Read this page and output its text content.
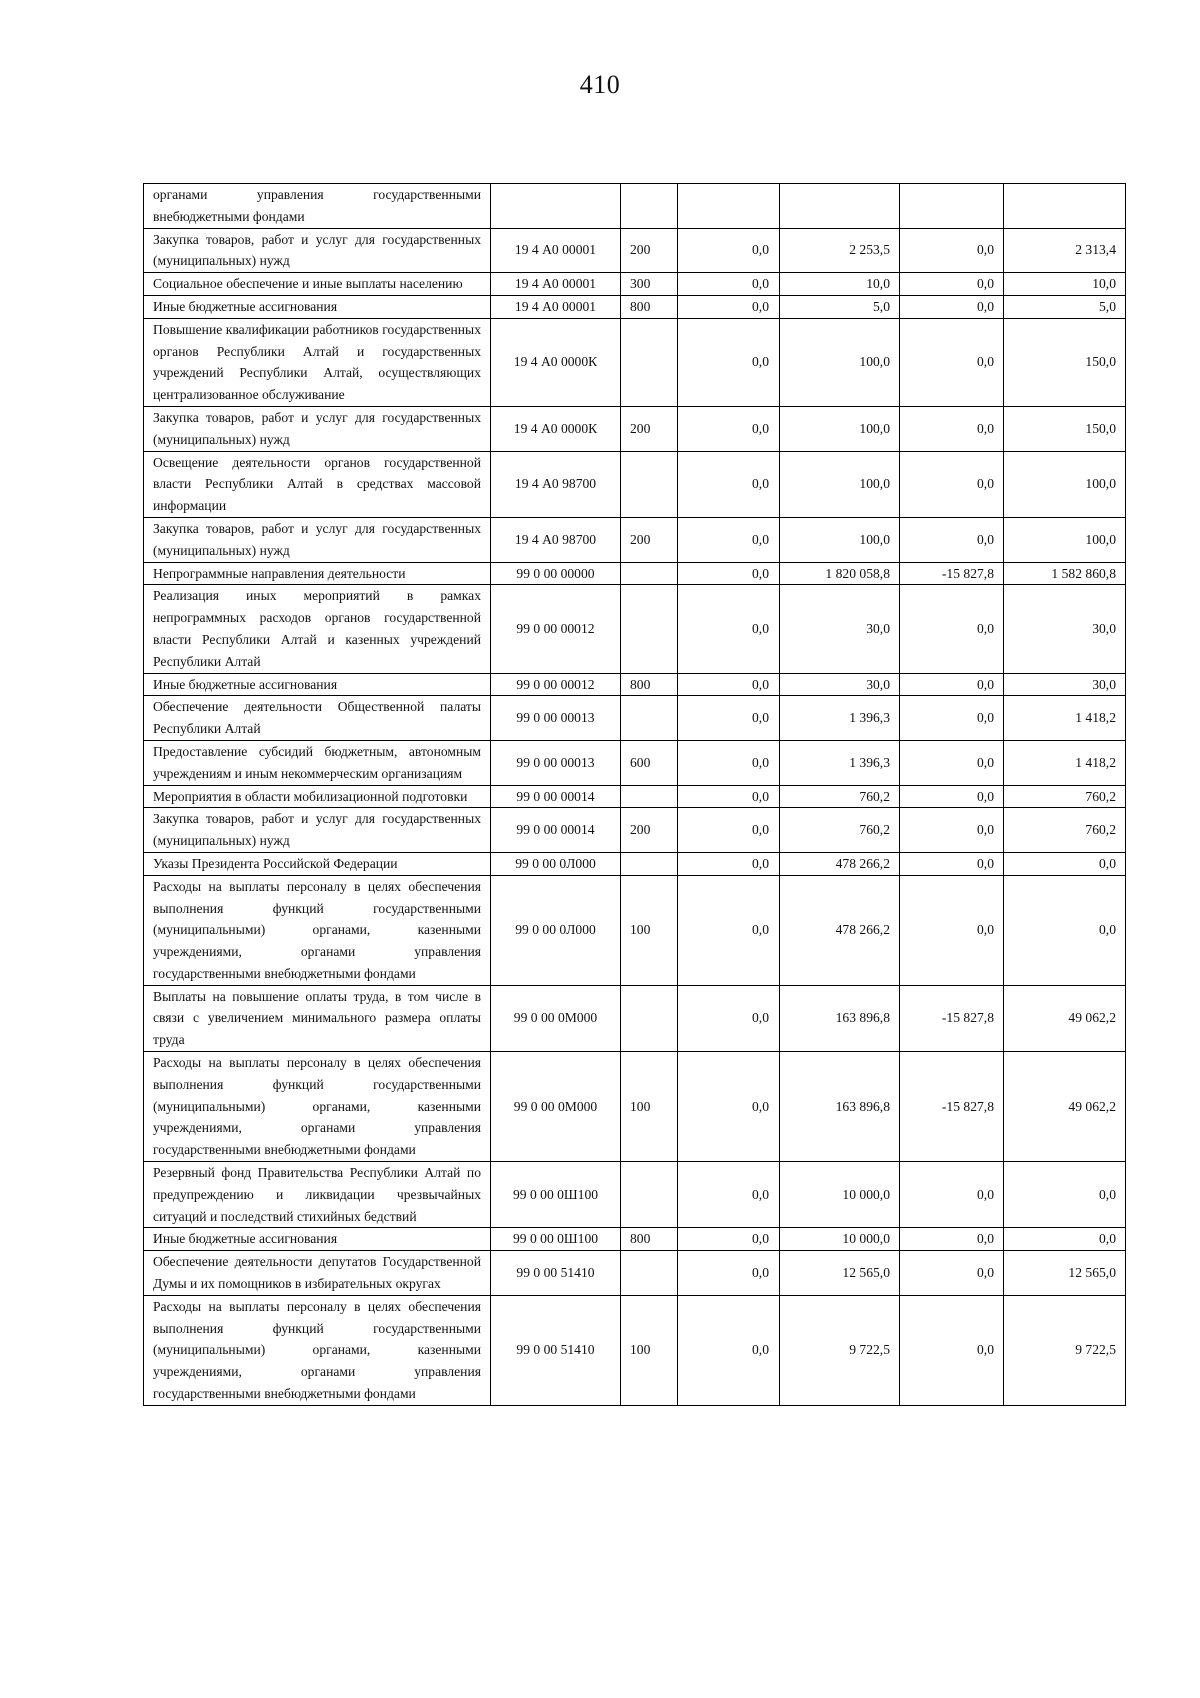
410
органами управления государственными внебюджетными фондами						
Закупка товаров, работ и услуг для государственных (муниципальных) нужд	19 4 А0 00001	200	0,0	2 253,5	0,0	2 313,4
Социальное обеспечение и иные выплаты населению	19 4 А0 00001	300	0,0	10,0	0,0	10,0
Иные бюджетные ассигнования	19 4 А0 00001	800	0,0	5,0	0,0	5,0
Повышение квалификации работников государственных органов Республики Алтай и государственных учреждений Республики Алтай, осуществляющих централизованное обслуживание	19 4 А0 0000К		0,0	100,0	0,0	150,0
Закупка товаров, работ и услуг для государственных (муниципальных) нужд	19 4 А0 0000К	200	0,0	100,0	0,0	150,0
Освещение деятельности органов государственной власти Республики Алтай в средствах массовой информации	19 4 А0 98700		0,0	100,0	0,0	100,0
Закупка товаров, работ и услуг для государственных (муниципальных) нужд	19 4 А0 98700	200	0,0	100,0	0,0	100,0
Непрограммные направления деятельности	99 0 00 00000		0,0	1 820 058,8	-15 827,8	1 582 860,8
Реализация иных мероприятий в рамках непрограммных расходов органов государственной власти Республики Алтай и казенных учреждений Республики Алтай	99 0 00 00012		0,0	30,0	0,0	30,0
Иные бюджетные ассигнования	99 0 00 00012	800	0,0	30,0	0,0	30,0
Обеспечение деятельности Общественной палаты Республики Алтай	99 0 00 00013		0,0	1 396,3	0,0	1 418,2
Предоставление субсидий бюджетным, автономным учреждениям и иным некоммерческим организациям	99 0 00 00013	600	0,0	1 396,3	0,0	1 418,2
Мероприятия в области мобилизационной подготовки	99 0 00 00014		0,0	760,2	0,0	760,2
Закупка товаров, работ и услуг для государственных (муниципальных) нужд	99 0 00 00014	200	0,0	760,2	0,0	760,2
Указы Президента Российской Федерации	99 0 00 0Л000		0,0	478 266,2	0,0	0,0
Расходы на выплаты персоналу в целях обеспечения выполнения функций государственными (муниципальными) органами, казенными учреждениями, органами управления государственными внебюджетными фондами	99 0 00 0Л000	100	0,0	478 266,2	0,0	0,0
Выплаты на повышение оплаты труда, в том числе в связи с увеличением минимального размера оплаты труда	99 0 00 0М000		0,0	163 896,8	-15 827,8	49 062,2
Расходы на выплаты персоналу в целях обеспечения выполнения функций государственными (муниципальными) органами, казенными учреждениями, органами управления государственными внебюджетными фондами	99 0 00 0М000	100	0,0	163 896,8	-15 827,8	49 062,2
Резервный фонд Правительства Республики Алтай по предупреждению и ликвидации чрезвычайных ситуаций и последствий стихийных бедствий	99 0 00 0Ш100		0,0	10 000,0	0,0	0,0
Иные бюджетные ассигнования	99 0 00 0Ш100	800	0,0	10 000,0	0,0	0,0
Обеспечение деятельности депутатов Государственной Думы и их помощников в избирательных округах	99 0 00 51410		0,0	12 565,0	0,0	12 565,0
Расходы на выплаты персоналу в целях обеспечения выполнения функций государственными (муниципальными) органами, казенными учреждениями, органами управления государственными внебюджетными фондами	99 0 00 51410	100	0,0	9 722,5	0,0	9 722,5
